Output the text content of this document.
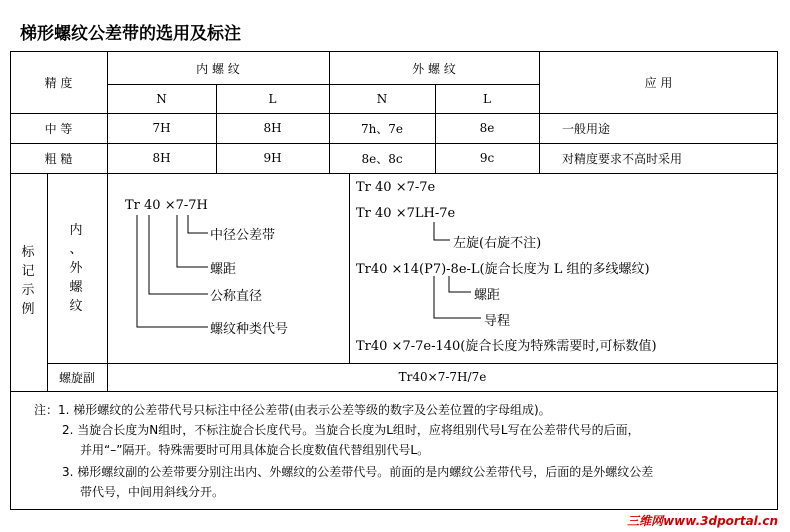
梯形螺纹公差带的选用及标注
精 度
内 螺 纹	外 螺 纹
应 用
N	L	N	L
中 等	7H	8H	7h、7e	8e	一般用途
粗 糙	8H	9H	8e、8c	9c	对精度要求不高时采用
标
记
示
例
内
、
外
螺
纹
Tr 40 ×7-7H
中径公差带
螺距
公称直径
螺纹种类代号
Tr 40 ×7-7e
Tr 40 ×7LH-7e
左旋(右旋不注)
Tr40 ×14(P7)-8e-L(旋合长度为 L 组的多线螺纹)
螺距
导程
Tr40 ×7-7e-140(旋合长度为特殊需要时,可标数值)
螺旋副	Tr40×7-7H/7e
注：1. 梯形螺纹的公差带代号只标注中径公差带(由表示公差等级的数字及公差位置的字母组成)。
2. 当旋合长度为N组时，不标注旋合长度代号。当旋合长度为L组时，应将组别代号L写在公差带代号的后面，
并用“–”隔开。特殊需要时可用具体旋合长度数值代替组别代号L。
3. 梯形螺纹副的公差带要分别注出内、外螺纹的公差带代号。前面的是内螺纹公差带代号，后面的是外螺纹公差
带代号，中间用斜线分开。
三维网www.3dportal.cn
